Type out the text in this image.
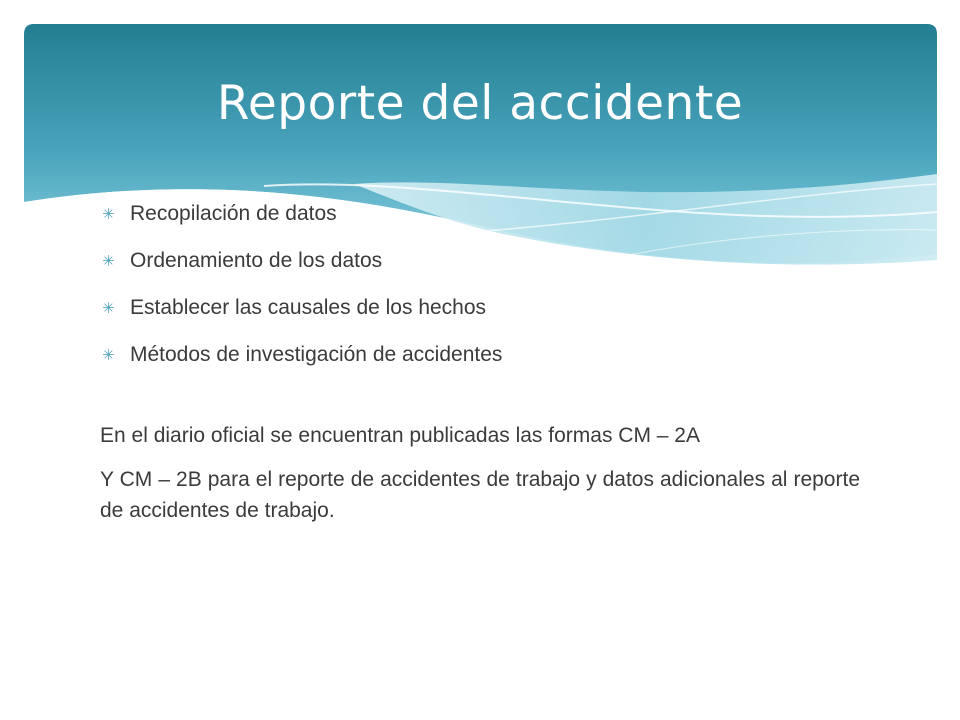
Reporte del accidente
✳ Recopilación de datos
✳ Ordenamiento de los datos
✳ Establecer las causales de los hechos
✳ Métodos de investigación de accidentes

En el diario oficial se encuentran publicadas las formas CM – 2A

Y CM – 2B para el reporte de accidentes de trabajo y datos adicionales al reporte de accidentes de trabajo.
